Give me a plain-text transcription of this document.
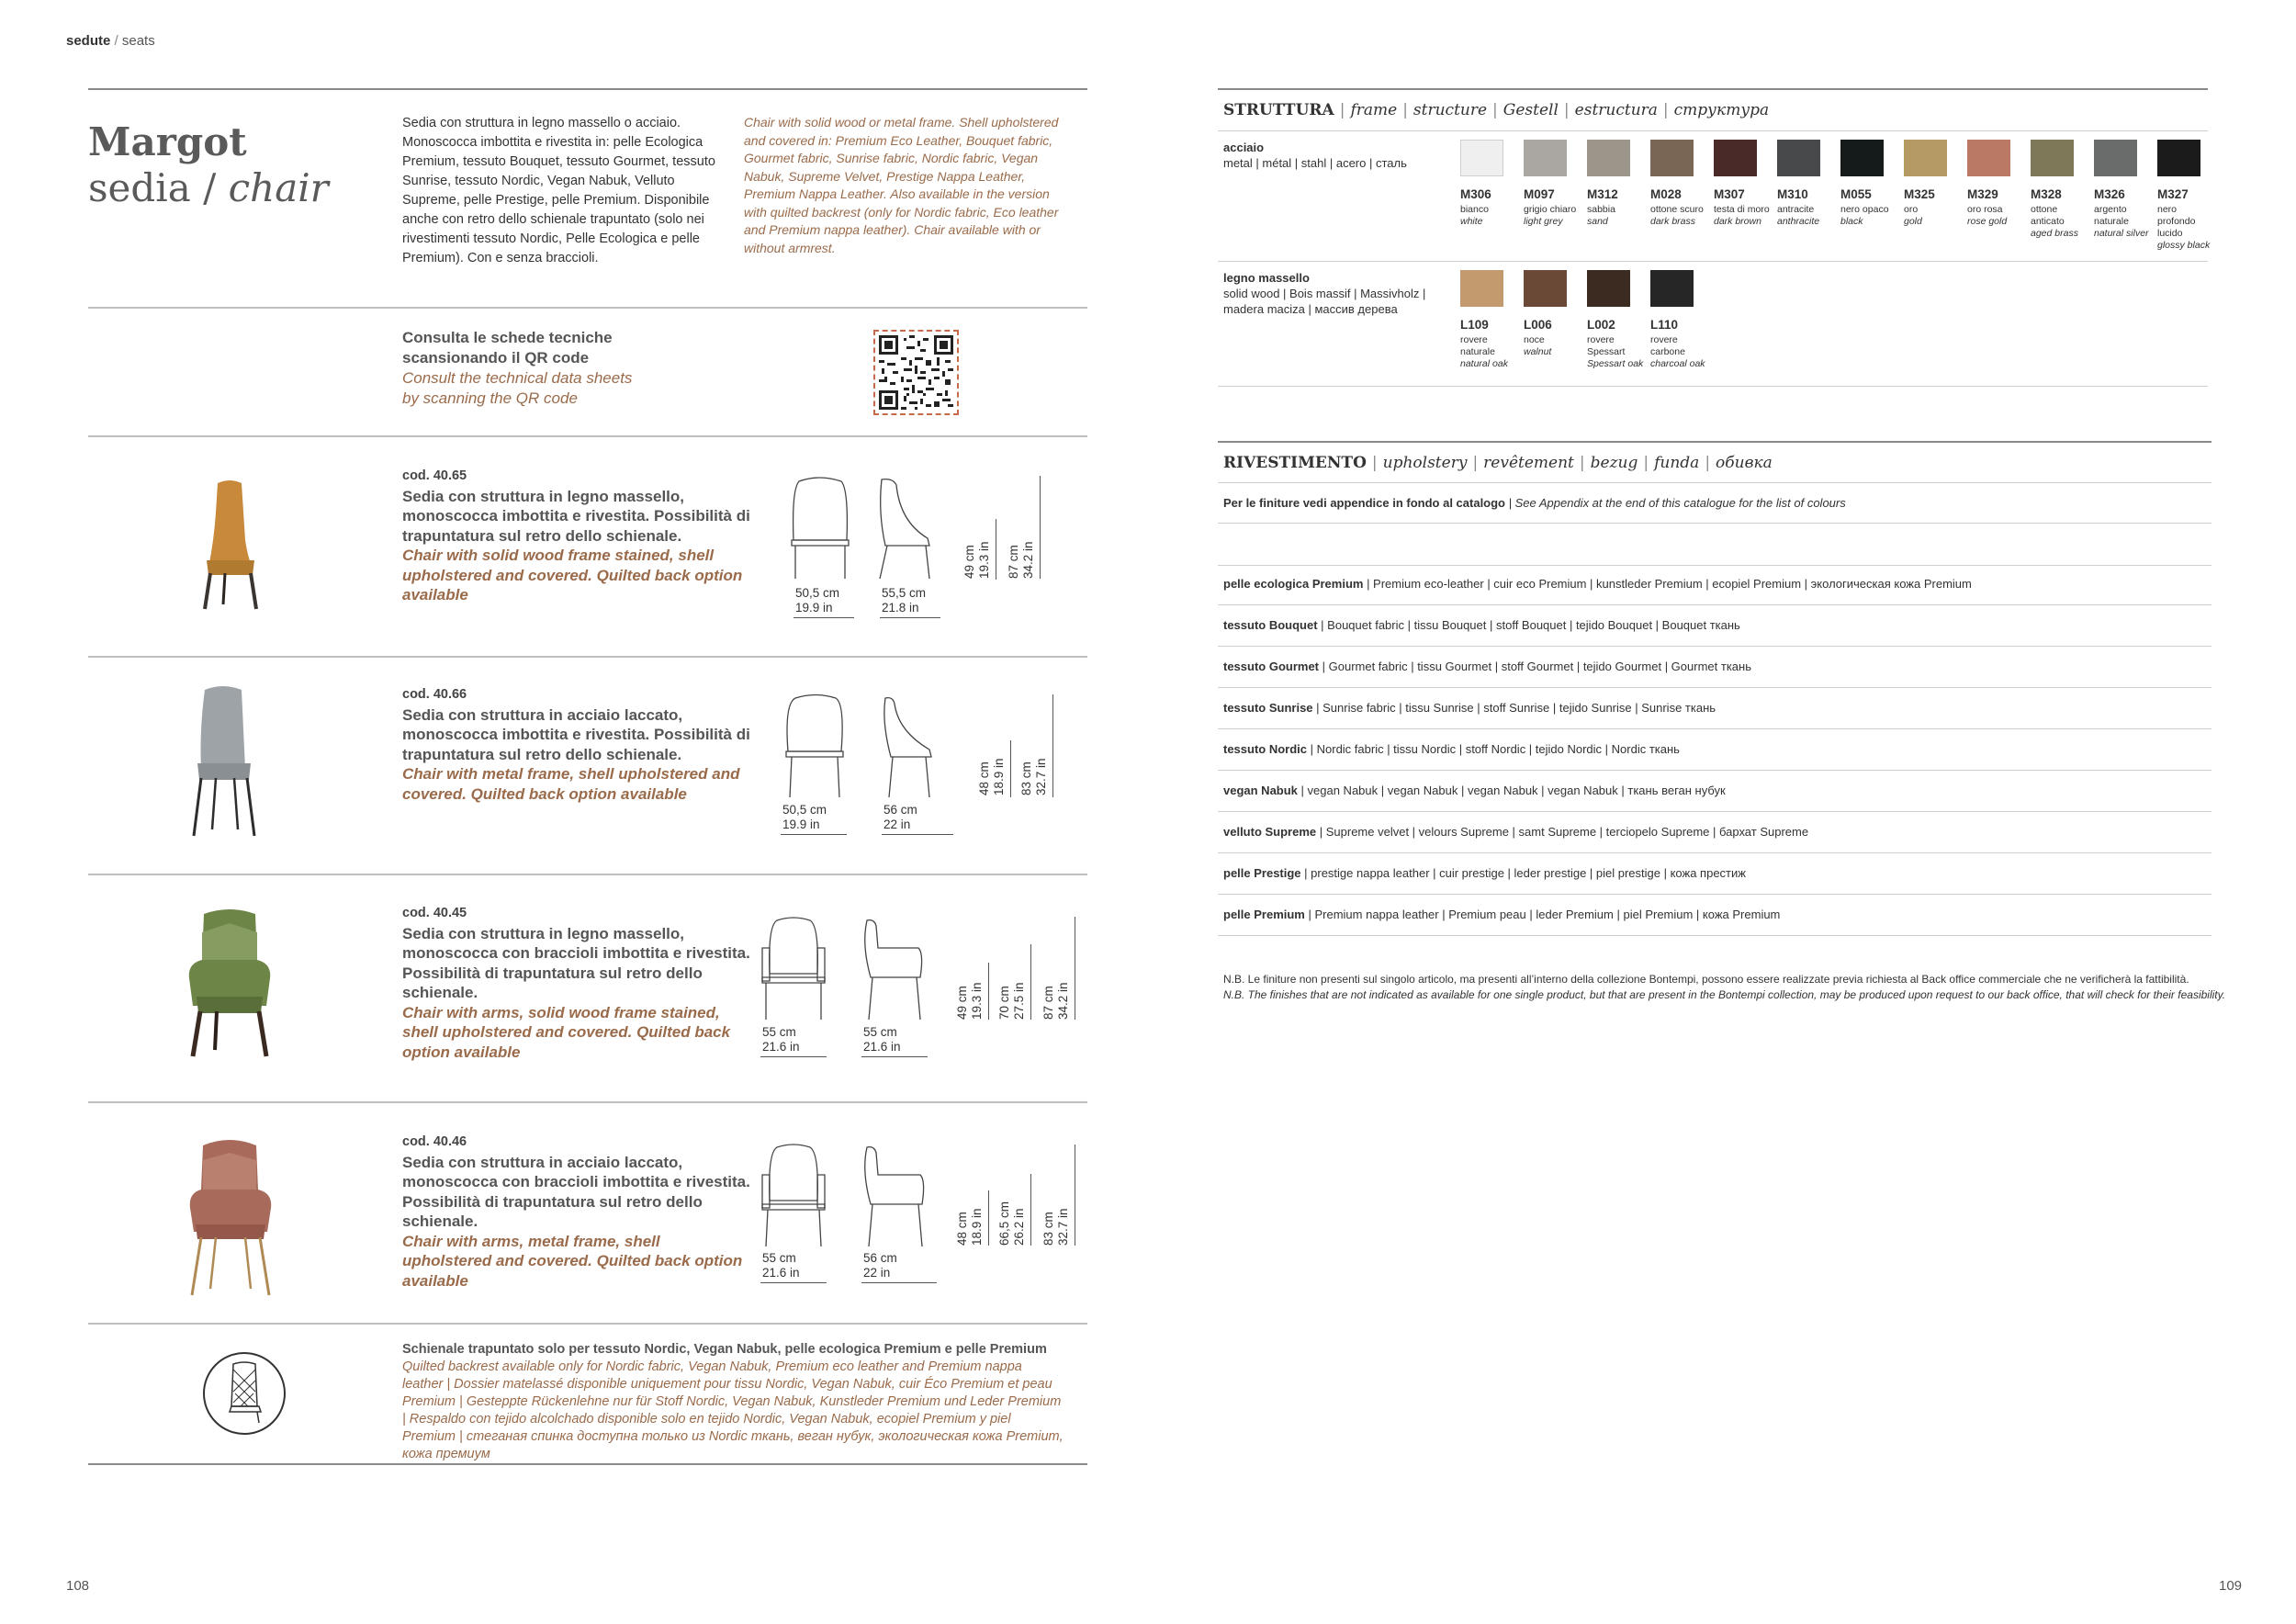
sedute / seats
Margot
sedia / chair
Sedia con struttura in legno massello o acciaio. Monoscocca imbottita e rivestita in: pelle Ecologica Premium, tessuto Bouquet, tessuto Gourmet, tessuto Sunrise, tessuto Nordic, Vegan Nabuk, Velluto Supreme, pelle Prestige, pelle Premium. Disponibile anche con retro dello schienale trapuntato (solo nei rivestimenti tessuto Nordic, Pelle Ecologica e pelle Premium). Con e senza braccioli.
Chair with solid wood or metal frame. Shell upholstered and covered in: Premium Eco Leather, Bouquet fabric, Gourmet fabric, Sunrise fabric, Nordic fabric, Vegan Nabuk, Supreme Velvet, Prestige Nappa Leather, Premium Nappa Leather. Also available in the version with quilted backrest (only for Nordic fabric, Eco leather and Premium nappa leather). Chair available with or without armrest.
Consulta le schede tecniche
scansionando il QR code
Consult the technical data sheets
by scanning the QR code
cod. 40.65
Sedia con struttura in legno massello, monoscocca imbottita e rivestita. Possibilità di trapuntatura sul retro dello schienale.
Chair with solid wood frame stained, shell upholstered and covered. Quilted back option available	50,5 cm
19.9 in
55,5 cm
21.8 in
49 cm
19.3 in 87 cm
34.2 in
cod. 40.66
Sedia con struttura in acciaio laccato, monoscocca imbottita e rivestita. Possibilità di trapuntatura sul retro dello schienale.
Chair with metal frame, shell upholstered and covered. Quilted back option available
50,5 cm
19.9 in
56 cm
22 in
48 cm
18.9 in 83 cm
32.7 in
cod. 40.45
Sedia con struttura in legno massello, monoscocca con braccioli imbottita e rivestita. Possibilità di trapuntatura sul retro dello schienale.
Chair with arms, solid wood frame stained, shell upholstered and covered. Quilted back option available
55 cm
21.6 in
55 cm
21.6 in
49 cm
19.3 in 70 cm
27.5 in 87 cm
34.2 in
cod. 40.46
Sedia con struttura in acciaio laccato, monoscocca con braccioli imbottita e rivestita. Possibilità di trapuntatura sul retro dello schienale.
Chair with arms, metal frame, shell upholstered and covered. Quilted back option available
55 cm
21.6 in
56 cm
22 in
48 cm
18.9 in 66,5 cm
26.2 in 83 cm
32.7 in
Schienale trapuntato solo per tessuto Nordic, Vegan Nabuk, pelle ecologica Premium e pelle Premium
Quilted backrest available only for Nordic fabric, Vegan Nabuk, Premium eco leather and Premium nappa leather | Dossier matelassé disponible uniquement pour tissu Nordic, Vegan Nabuk, cuir Éco Premium et peau Premium | Gesteppte Rückenlehne nur für Stoff Nordic, Vegan Nabuk, Kunstleder Premium und Leder Premium | Respaldo con tejido alcolchado disponible solo en tejido Nordic, Vegan Nabuk, ecopiel Premium y piel Premium | стеганая спинка доступна только из Nordic ткань, веган нубук, экологическая кожа Premium, кожа премиум
108
STRUTTURA | frame | structure | Gestell | estructura | структура
acciaio
metal | métal | stahl | acero | сталь
M306
bianco
white
M097
grigio chiaro
light grey
M312
sabbia
sand
M028
ottone scuro
dark brass
M307
testa di moro
dark brown
M310
antracite
anthracite
M055
nero opaco
black
M325
oro
gold
M329
oro rosa
rose gold
M328
ottone
anticato
aged brass
M326
argento
naturale
natural silver
M327
nero
profondo lucido
glossy black
legno massello
solid wood | Bois massif | Massivholz |
madera maciza | массив дерева
L109
rovere
naturale
natural oak
L006
noce
walnut
L002
rovere
Spessart
Spessart oak
L110
rovere
carbone
charcoal oak
RIVESTIMENTO | upholstery | revêtement | bezug | funda | обивка
Per le finiture vedi appendice in fondo al catalogo | See Appendix at the end of this catalogue for the list of colours
pelle ecologica Premium | Premium eco-leather | cuir eco Premium | kunstleder Premium | ecopiel Premium | экологическая кожа Premium
tessuto Bouquet | Bouquet fabric | tissu Bouquet | stoff Bouquet | tejido Bouquet | Bouquet ткань
tessuto Gourmet | Gourmet fabric | tissu Gourmet | stoff Gourmet | tejido Gourmet | Gourmet ткань
tessuto Sunrise | Sunrise fabric | tissu Sunrise | stoff Sunrise | tejido Sunrise | Sunrise ткань
tessuto Nordic | Nordic fabric | tissu Nordic | stoff Nordic | tejido Nordic | Nordic ткань
vegan Nabuk | vegan Nabuk | vegan Nabuk | vegan Nabuk | vegan Nabuk | ткань веган нубук
velluto Supreme | Supreme velvet | velours Supreme | samt Supreme | terciopelo Supreme | бархат Supreme
pelle Prestige | prestige nappa leather | cuir prestige | leder prestige | piel prestige | кожа престиж
pelle Premium | Premium nappa leather | Premium peau | leder Premium | piel Premium | кожа Premium
N.B. Le finiture non presenti sul singolo articolo, ma presenti all’interno della collezione Bontempi, possono essere realizzate previa richiesta al Back office commerciale che ne verificherà la fattibilità.
N.B. The finishes that are not indicated as available for one single product, but that are present in the Bontempi collection, may be produced upon request to our back office, that will check for their feasibility.
109
